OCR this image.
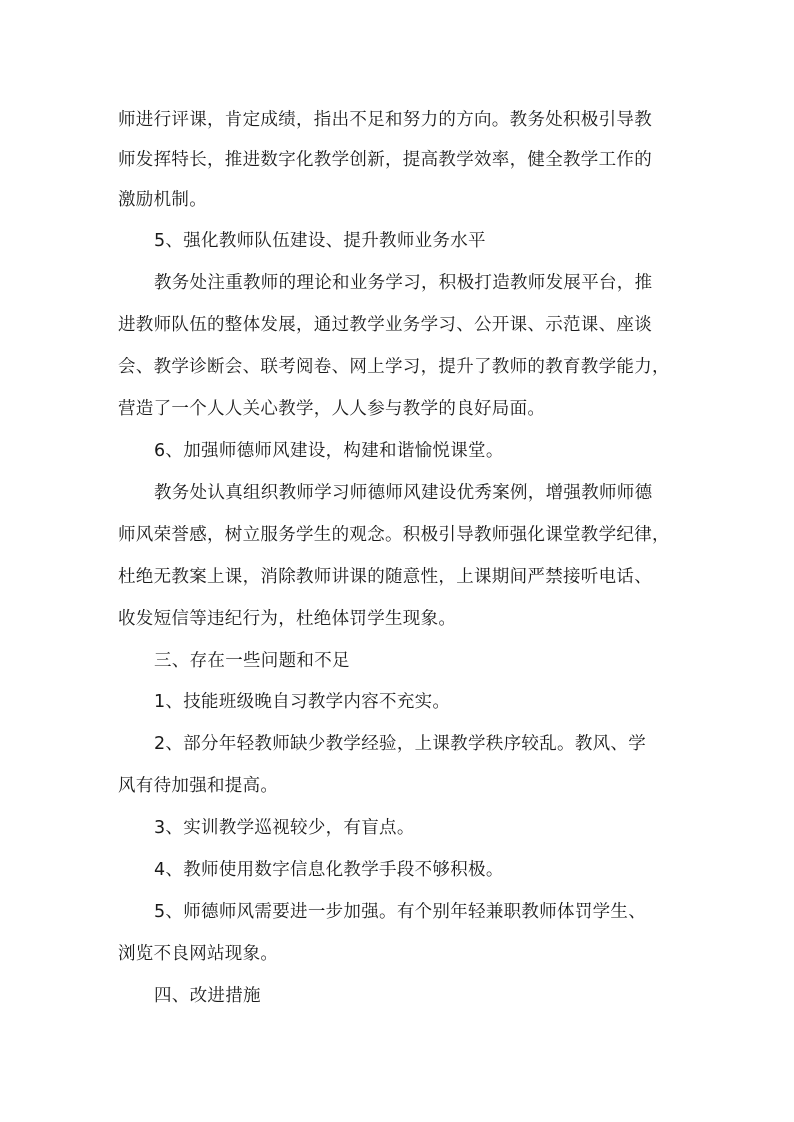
师进行评课，肯定成绩，指出不足和努力的方向。教务处积极引导教

师发挥特长，推进数字化教学创新，提高教学效率，健全教学工作的

激励机制。

5、强化教师队伍建设、提升教师业务水平

教务处注重教师的理论和业务学习，积极打造教师发展平台，推

进教师队伍的整体发展，通过教学业务学习、公开课、示范课、座谈

会、教学诊断会、联考阅卷、网上学习，提升了教师的教育教学能力，

营造了一个人人关心教学，人人参与教学的良好局面。

6、加强师德师风建设，构建和谐愉悦课堂。

教务处认真组织教师学习师德师风建设优秀案例，增强教师师德

师风荣誉感，树立服务学生的观念。积极引导教师强化课堂教学纪律，

杜绝无教案上课，消除教师讲课的随意性，上课期间严禁接听电话、

收发短信等违纪行为，杜绝体罚学生现象。

三、存在一些问题和不足

1、技能班级晚自习教学内容不充实。

2、部分年轻教师缺少教学经验，上课教学秩序较乱。教风、学

风有待加强和提高。

3、实训教学巡视较少，有盲点。

4、教师使用数字信息化教学手段不够积极。

5、师德师风需要进一步加强。有个别年轻兼职教师体罚学生、

浏览不良网站现象。

四、改进措施
